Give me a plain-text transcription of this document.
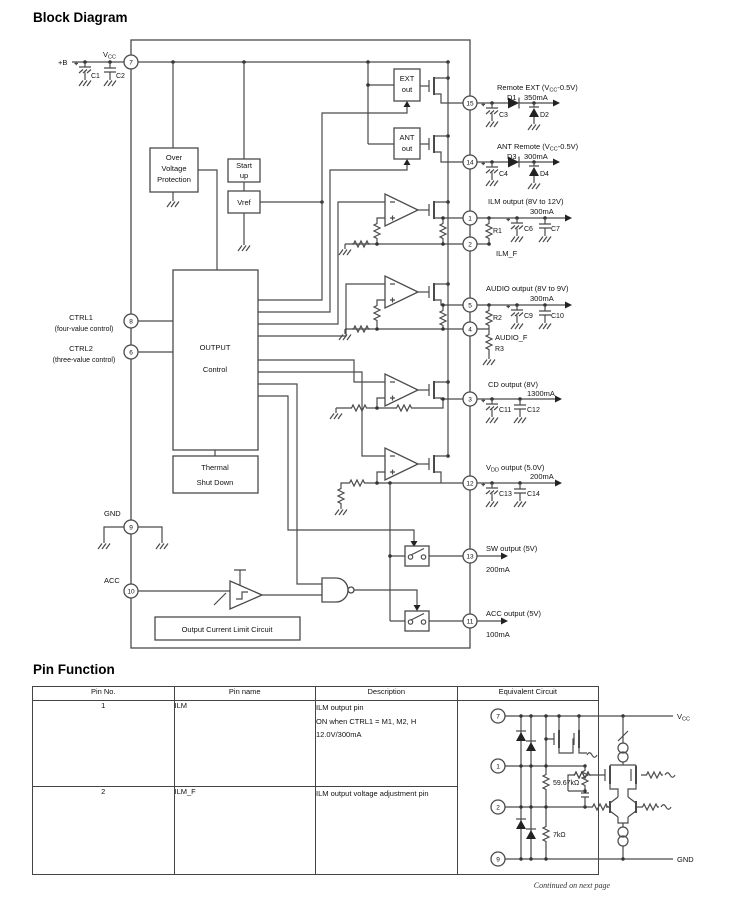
Block Diagram
+B
C1 C2
VCC
Over
Voltage
Protection
Start
up
Vref
OUTPUT
Control
Thermal
Shut Down
Output Current Limit Circuit
EXT
out
ANT
out
7
CTRL1
(four-value control)
8
CTRL2
(three-value control)
6
GND
9
ACC
10
Remote EXT (VCC-0.5V)
D1 350mA
C3	D2
15
ANT Remote (VCC-0.5V)
D3 300mA
C4	D4
14
ILM output (8V to 12V)
300mA
R1	C6	C7
1
ILM_F
2
AUDIO output (8V to 9V)
300mA
R2	C9	C10
5
AUDIO_F
R3
4
CD output (8V)
1300mA
C11 C12
3
VDD output (5.0V)
200mA
C13 C14
12
SW output (5V)
200mA
13
ACC output (5V)
100mA
11
Pin Function
Pin No.	Pin name	Description	Equivalent Circuit
1	ILM	ILM output pin
ON when CTRL1 = M1, M2, H
12.0V/300mA

7
1
2
9
59.67kΩ
7kΩ
$V_{CC}$
GND

2	ILM_F	ILM output voltage adjustment pin	
Continued on next page
